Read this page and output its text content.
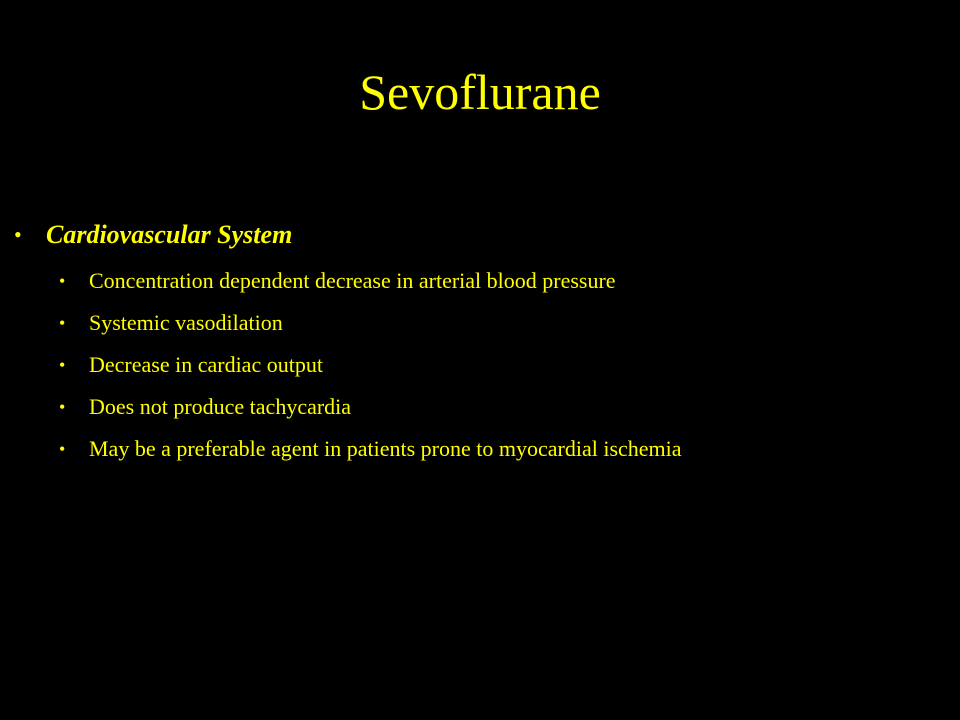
Sevoflurane
• Cardiovascular System
• Concentration dependent decrease in arterial blood pressure
• Systemic vasodilation
• Decrease in cardiac output
• Does not produce tachycardia
• May be a preferable agent in patients prone to myocardial ischemia
